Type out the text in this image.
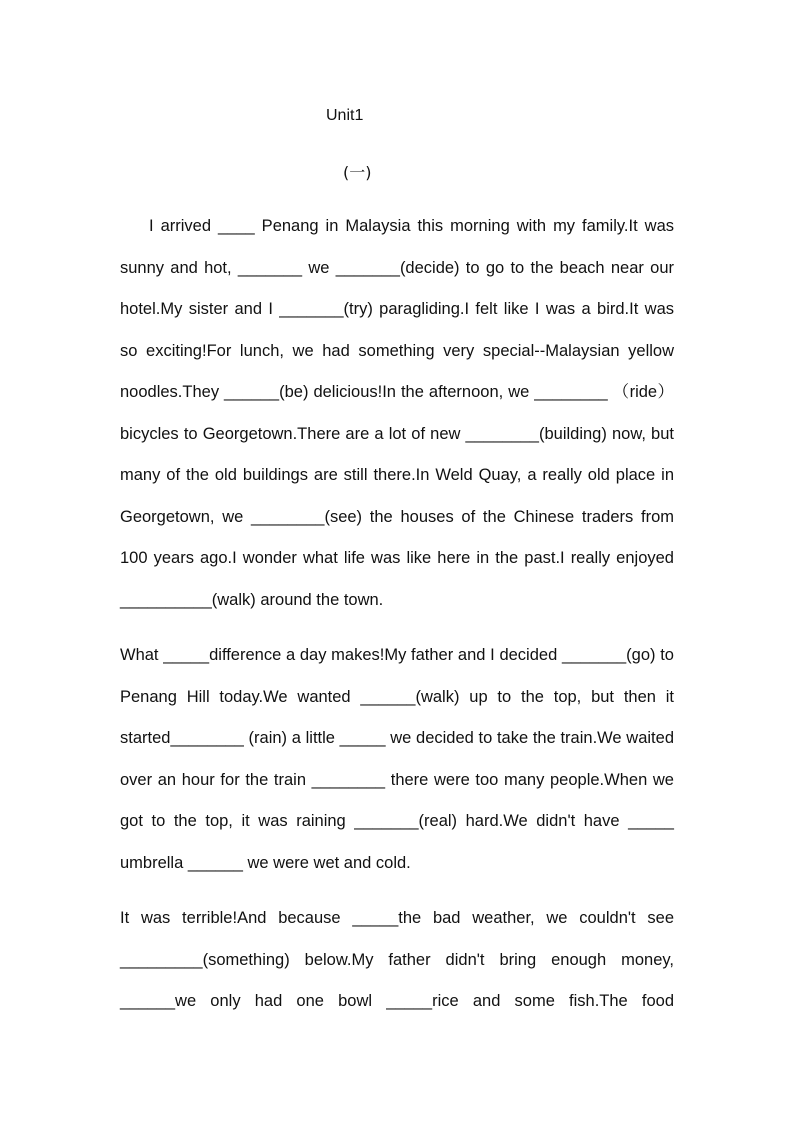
Unit1
(一)

I arrived ____ Penang in Malaysia this morning with my family.It was sunny and hot, _______ we _______(decide) to go to the beach near our hotel.My sister and I _______(try) paragliding.I felt like I was a bird.It was so exciting!For lunch, we had something very special--Malaysian yellow noodles.They ______(be) delicious!In the afternoon, we ________ （ride） bicycles to Georgetown.There are a lot of new ________(building) now, but many of the old buildings are still there.In Weld Quay, a really old place in Georgetown, we ________(see) the houses of the Chinese traders from 100 years ago.I wonder what life was like here in the past.I really enjoyed __________(walk) around the town.

What _____difference a day makes!My father and I decided _______(go) to Penang Hill today.We wanted ______(walk) up to the top, but then it started________ (rain) a little _____ we decided to take the train.We waited over an hour for the train ________ there were too many people.When we got to the top, it was raining _______(real) hard.We didn't have _____ umbrella ______ we were wet and cold.

It was terrible!And because _____the bad weather, we couldn't see _________(something) below.My father didn't bring enough money, ______we only had one bowl _____rice and some fish.The food
